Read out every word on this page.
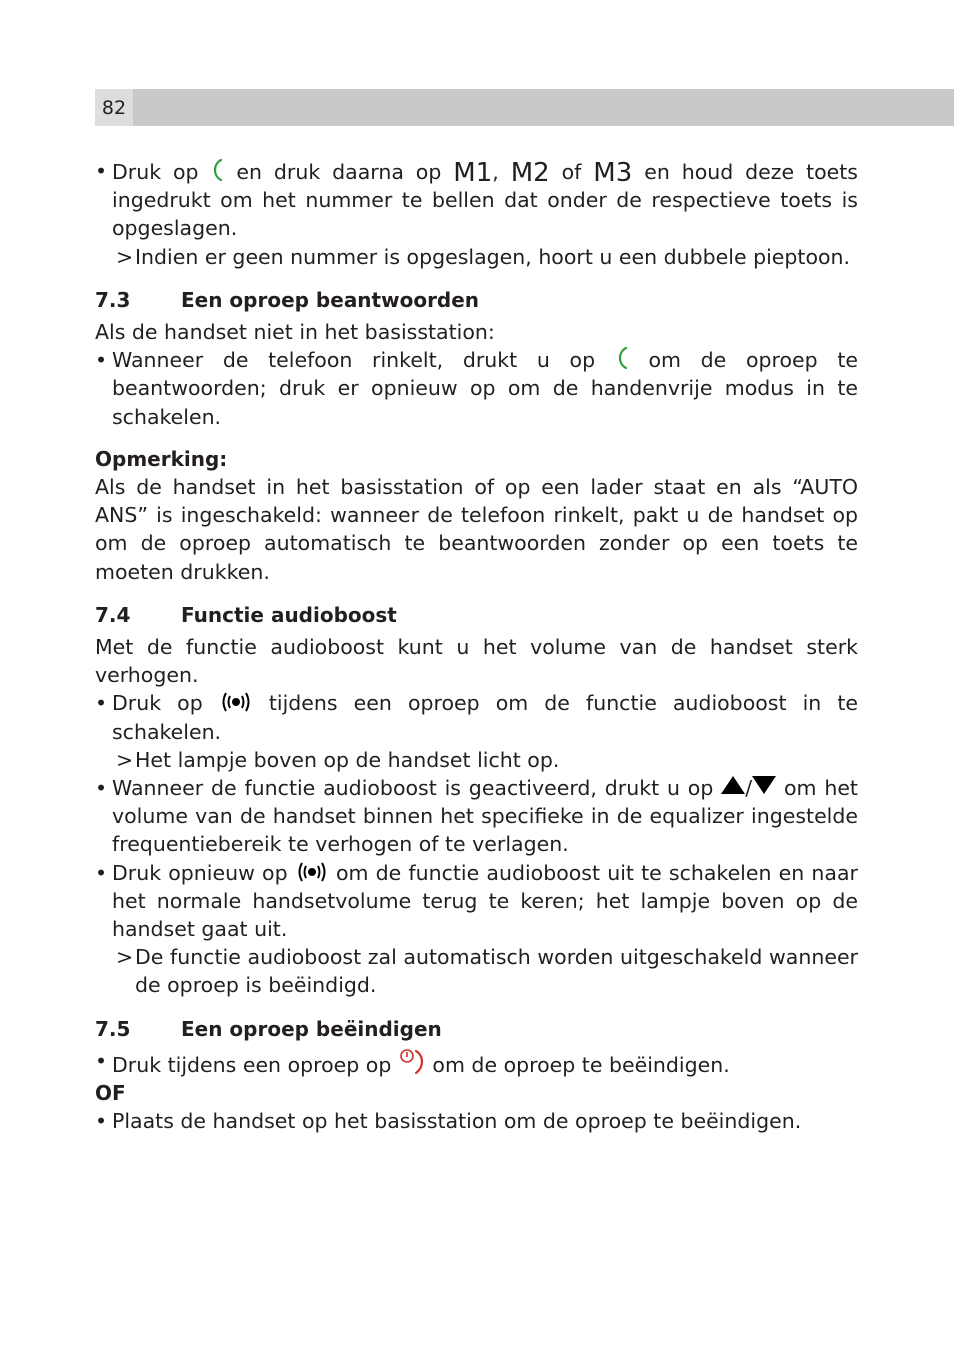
82
• Druk op en druk daarna op M1, M2 of M3 en houd deze toets ingedrukt om het nummer te bellen dat onder de respectieve toets is opgeslagen.
> Indien er geen nummer is opgeslagen, hoort u een dubbele pieptoon.
7.3	Een oproep beantwoorden
Als de handset niet in het basisstation:
• Wanneer de telefoon rinkelt, drukt u op	om de oproep te beantwoorden; druk er opnieuw op om de handenvrije modus in te schakelen.
Opmerking:
Als de handset in het basisstation of op een lader staat en als “AUTO ANS” is ingeschakeld: wanneer de telefoon rinkelt, pakt u de handset op om de oproep automatisch te beantwoorden zonder op een toets te moeten drukken.
7.4	Functie audioboost
Met de functie audioboost kunt u het volume van de handset sterk verhogen.
• Druk op	tijdens een oproep om de functie audioboost in te schakelen.
> Het lampje boven op de handset licht op.
• Wanneer de functie audioboost is geactiveerd, drukt u op / om het volume van de handset binnen het specifieke in de equalizer ingestelde frequentiebereik te verhogen of te verlagen.
• Druk opnieuw op om de functie audioboost uit te schakelen en naar het normale handsetvolume terug te keren; het lampje boven op de handset gaat uit.
> De functie audioboost zal automatisch worden uitgeschakeld wanneer de oproep is beëindigd.
7.5	Een oproep beëindigen
• Druk tijdens een oproep op om de oproep te beëindigen.
OF
• Plaats de handset op het basisstation om de oproep te beëindigen.
